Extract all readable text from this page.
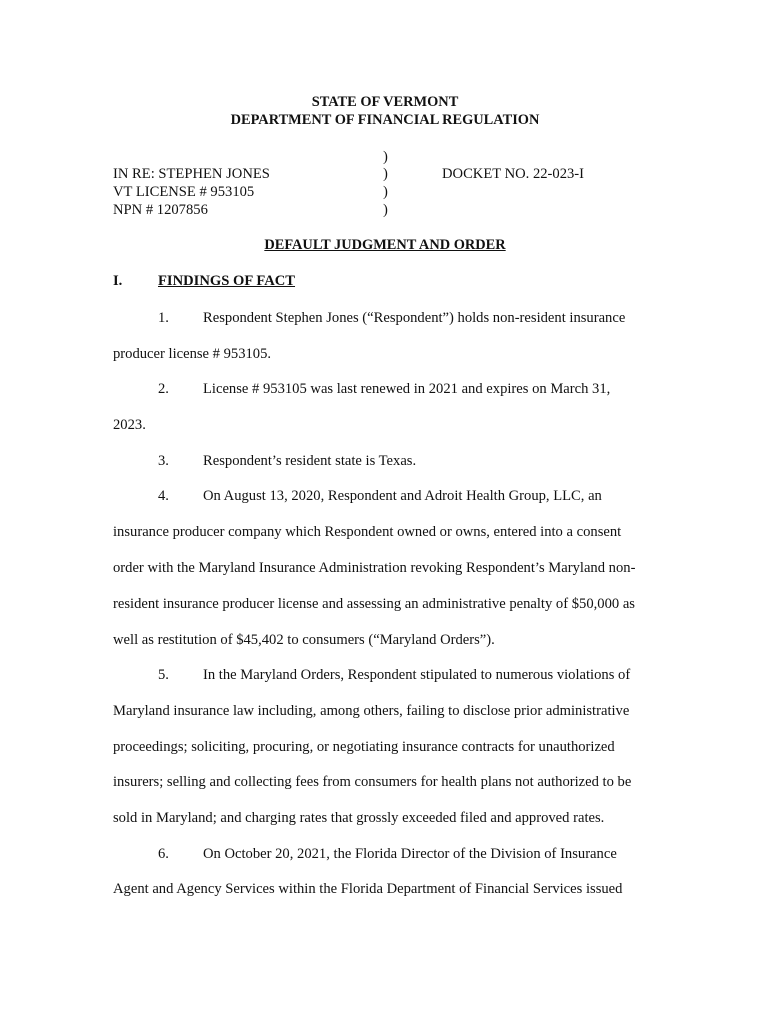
STATE OF VERMONT
DEPARTMENT OF FINANCIAL REGULATION
)
IN RE: STEPHEN JONES	)	DOCKET NO. 22-023-I
VT LICENSE # 953105	)
NPN # 1207856	)
DEFAULT JUDGMENT AND ORDER
I. FINDINGS OF FACT
1. Respondent Stephen Jones (“Respondent”) holds non-resident insurance
producer license # 953105.
2. License # 953105 was last renewed in 2021 and expires on March 31,
2023.
3. Respondent’s resident state is Texas.
4. On August 13, 2020, Respondent and Adroit Health Group, LLC, an
insurance producer company which Respondent owned or owns, entered into a consent
order with the Maryland Insurance Administration revoking Respondent’s Maryland non-
resident insurance producer license and assessing an administrative penalty of $50,000 as
well as restitution of $45,402 to consumers (“Maryland Orders”).
5. In the Maryland Orders, Respondent stipulated to numerous violations of
Maryland insurance law including, among others, failing to disclose prior administrative
proceedings; soliciting, procuring, or negotiating insurance contracts for unauthorized
insurers; selling and collecting fees from consumers for health plans not authorized to be
sold in Maryland; and charging rates that grossly exceeded filed and approved rates.
6. On October 20, 2021, the Florida Director of the Division of Insurance
Agent and Agency Services within the Florida Department of Financial Services issued
